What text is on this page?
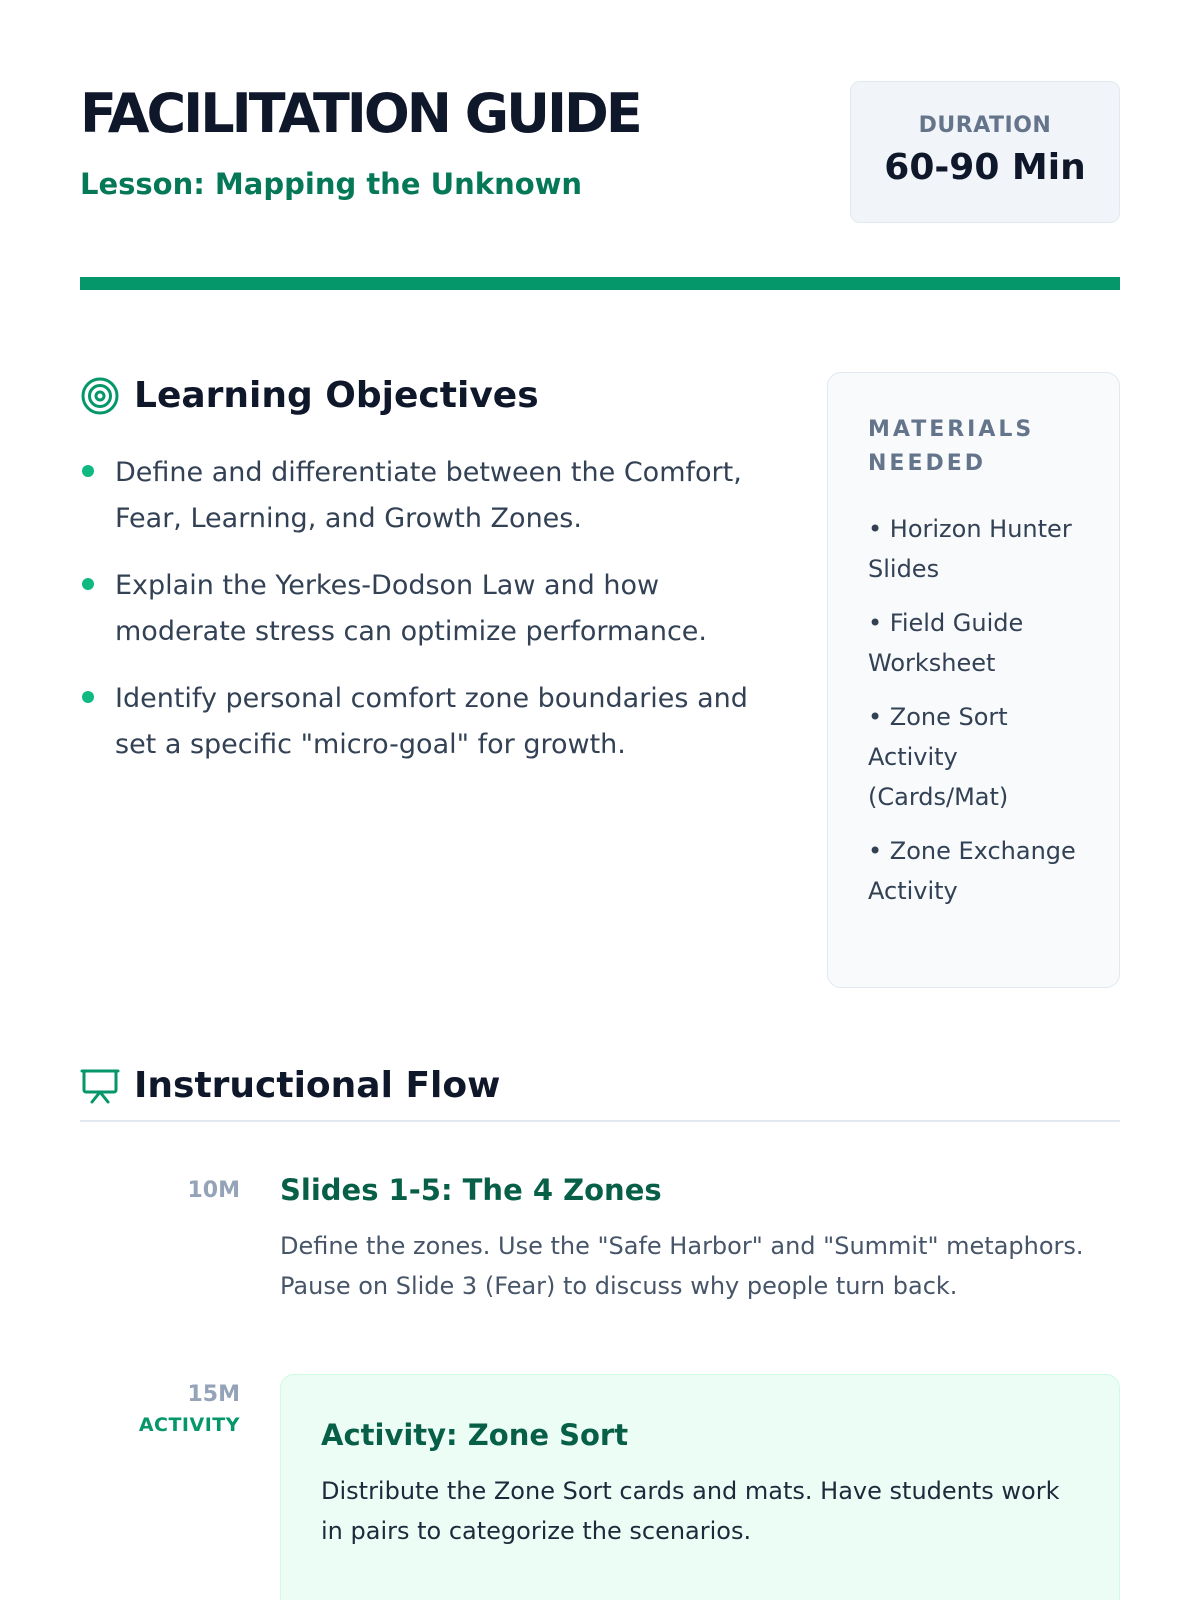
FACILITATION GUIDE
Lesson: Mapping the Unknown
DURATION
60-90 Min
Learning Objectives
Define and differentiate between the Comfort, Fear, Learning, and Growth Zones.
Explain the Yerkes-Dodson Law and how moderate stress can optimize performance.
Identify personal comfort zone boundaries and set a specific "micro-goal" for growth.
MATERIALS NEEDED
• Horizon Hunter Slides
• Field Guide Worksheet
• Zone Sort Activity (Cards/Mat)
• Zone Exchange Activity
Instructional Flow
10M Slides 1-5: The 4 Zones

Define the zones. Use the "Safe Harbor" and "Summit" metaphors. Pause on Slide 3 (Fear) to discuss why people turn back.

15M
ACTIVITY	Activity: Zone Sort

Distribute the Zone Sort cards and mats. Have students work in pairs to categorize the scenarios.
